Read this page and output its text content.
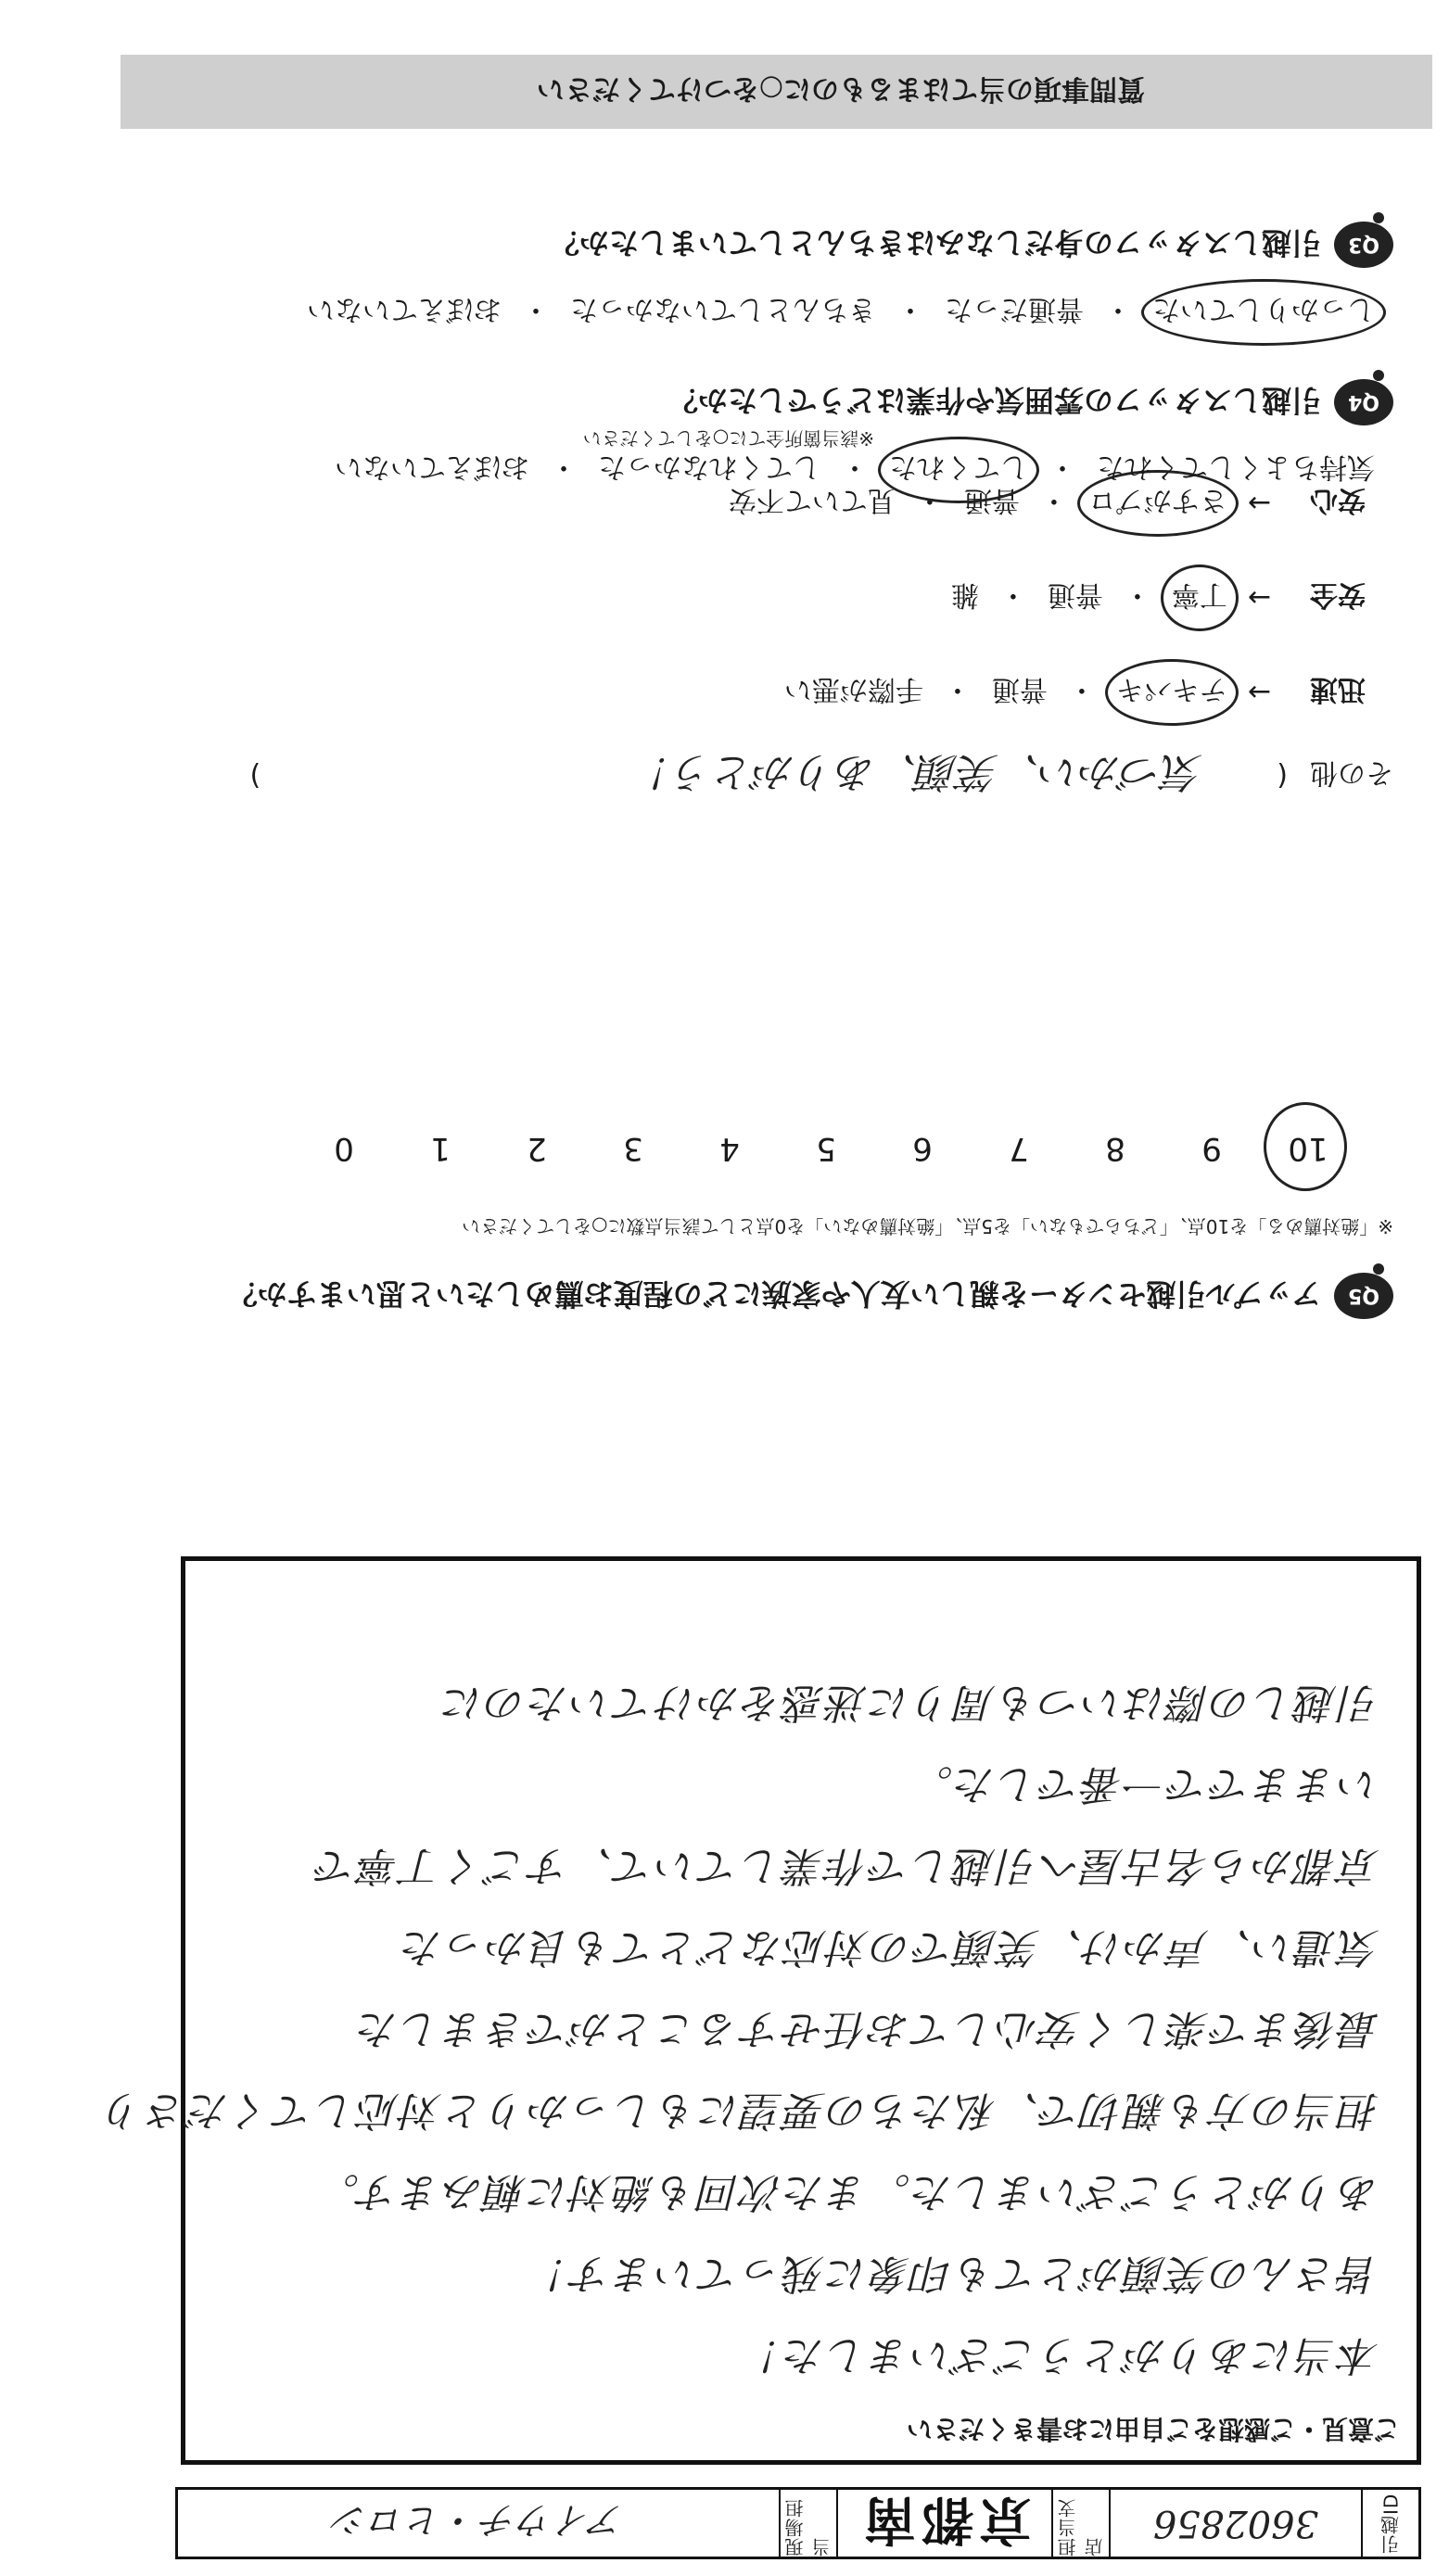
引越ID
3602856
担当支店
京都南
現場担当
アイウチ・ヒロシ
ご意見・ご感想をご自由にお書きください
本当にありがとうございました！
皆さんの笑顔がとても印象に残っています！
ありがとうございました。また次回も絶対に頼みます。
担当の方も親切で、私たちの要望にもしっかりと対応してくださり
最後まで楽しく安心してお任せすることができました
気遣い、声かけ、笑顔での対応などとても良かった
京都から名古屋へ引越しで作業していて、すごく丁寧で
いままでで一番でした。
引越しの際はいつも周りに迷惑をかけていたのに
※「絶対薦める」を10点、「どちらでもない」を5点、「絶対薦めない」を0点として該当点数に○をしてください
Q5
アップル引越センターを親しい友人や家族にどの程度お薦めしたいと思いますか？
10
9
8
7
6
5
4
3
2
1
0
その他
(
気づかい、笑顔、ありがとう！
)
迅速
→
テキパキ
・
普通
・
手際が悪い
安全
→
丁寧
・
普通
・
雑
安心
→
さすがプロ
・
普通
・
見ていて不安
※該当箇所全てに○をしてください
Q4
引越しスタッフの雰囲気や作業はどうでしたか？
しっかりしていた
・
普通だった
・
きちんとしていなかった
・
おぼえていない
Q3
引越しスタッフの身だしなみはきちんとしていましたか？
質問事項の当てはまるものに○をつけてください
気持ちよくしてくれた
・
してくれた
・
してくれなかった
・
おぼえていない
